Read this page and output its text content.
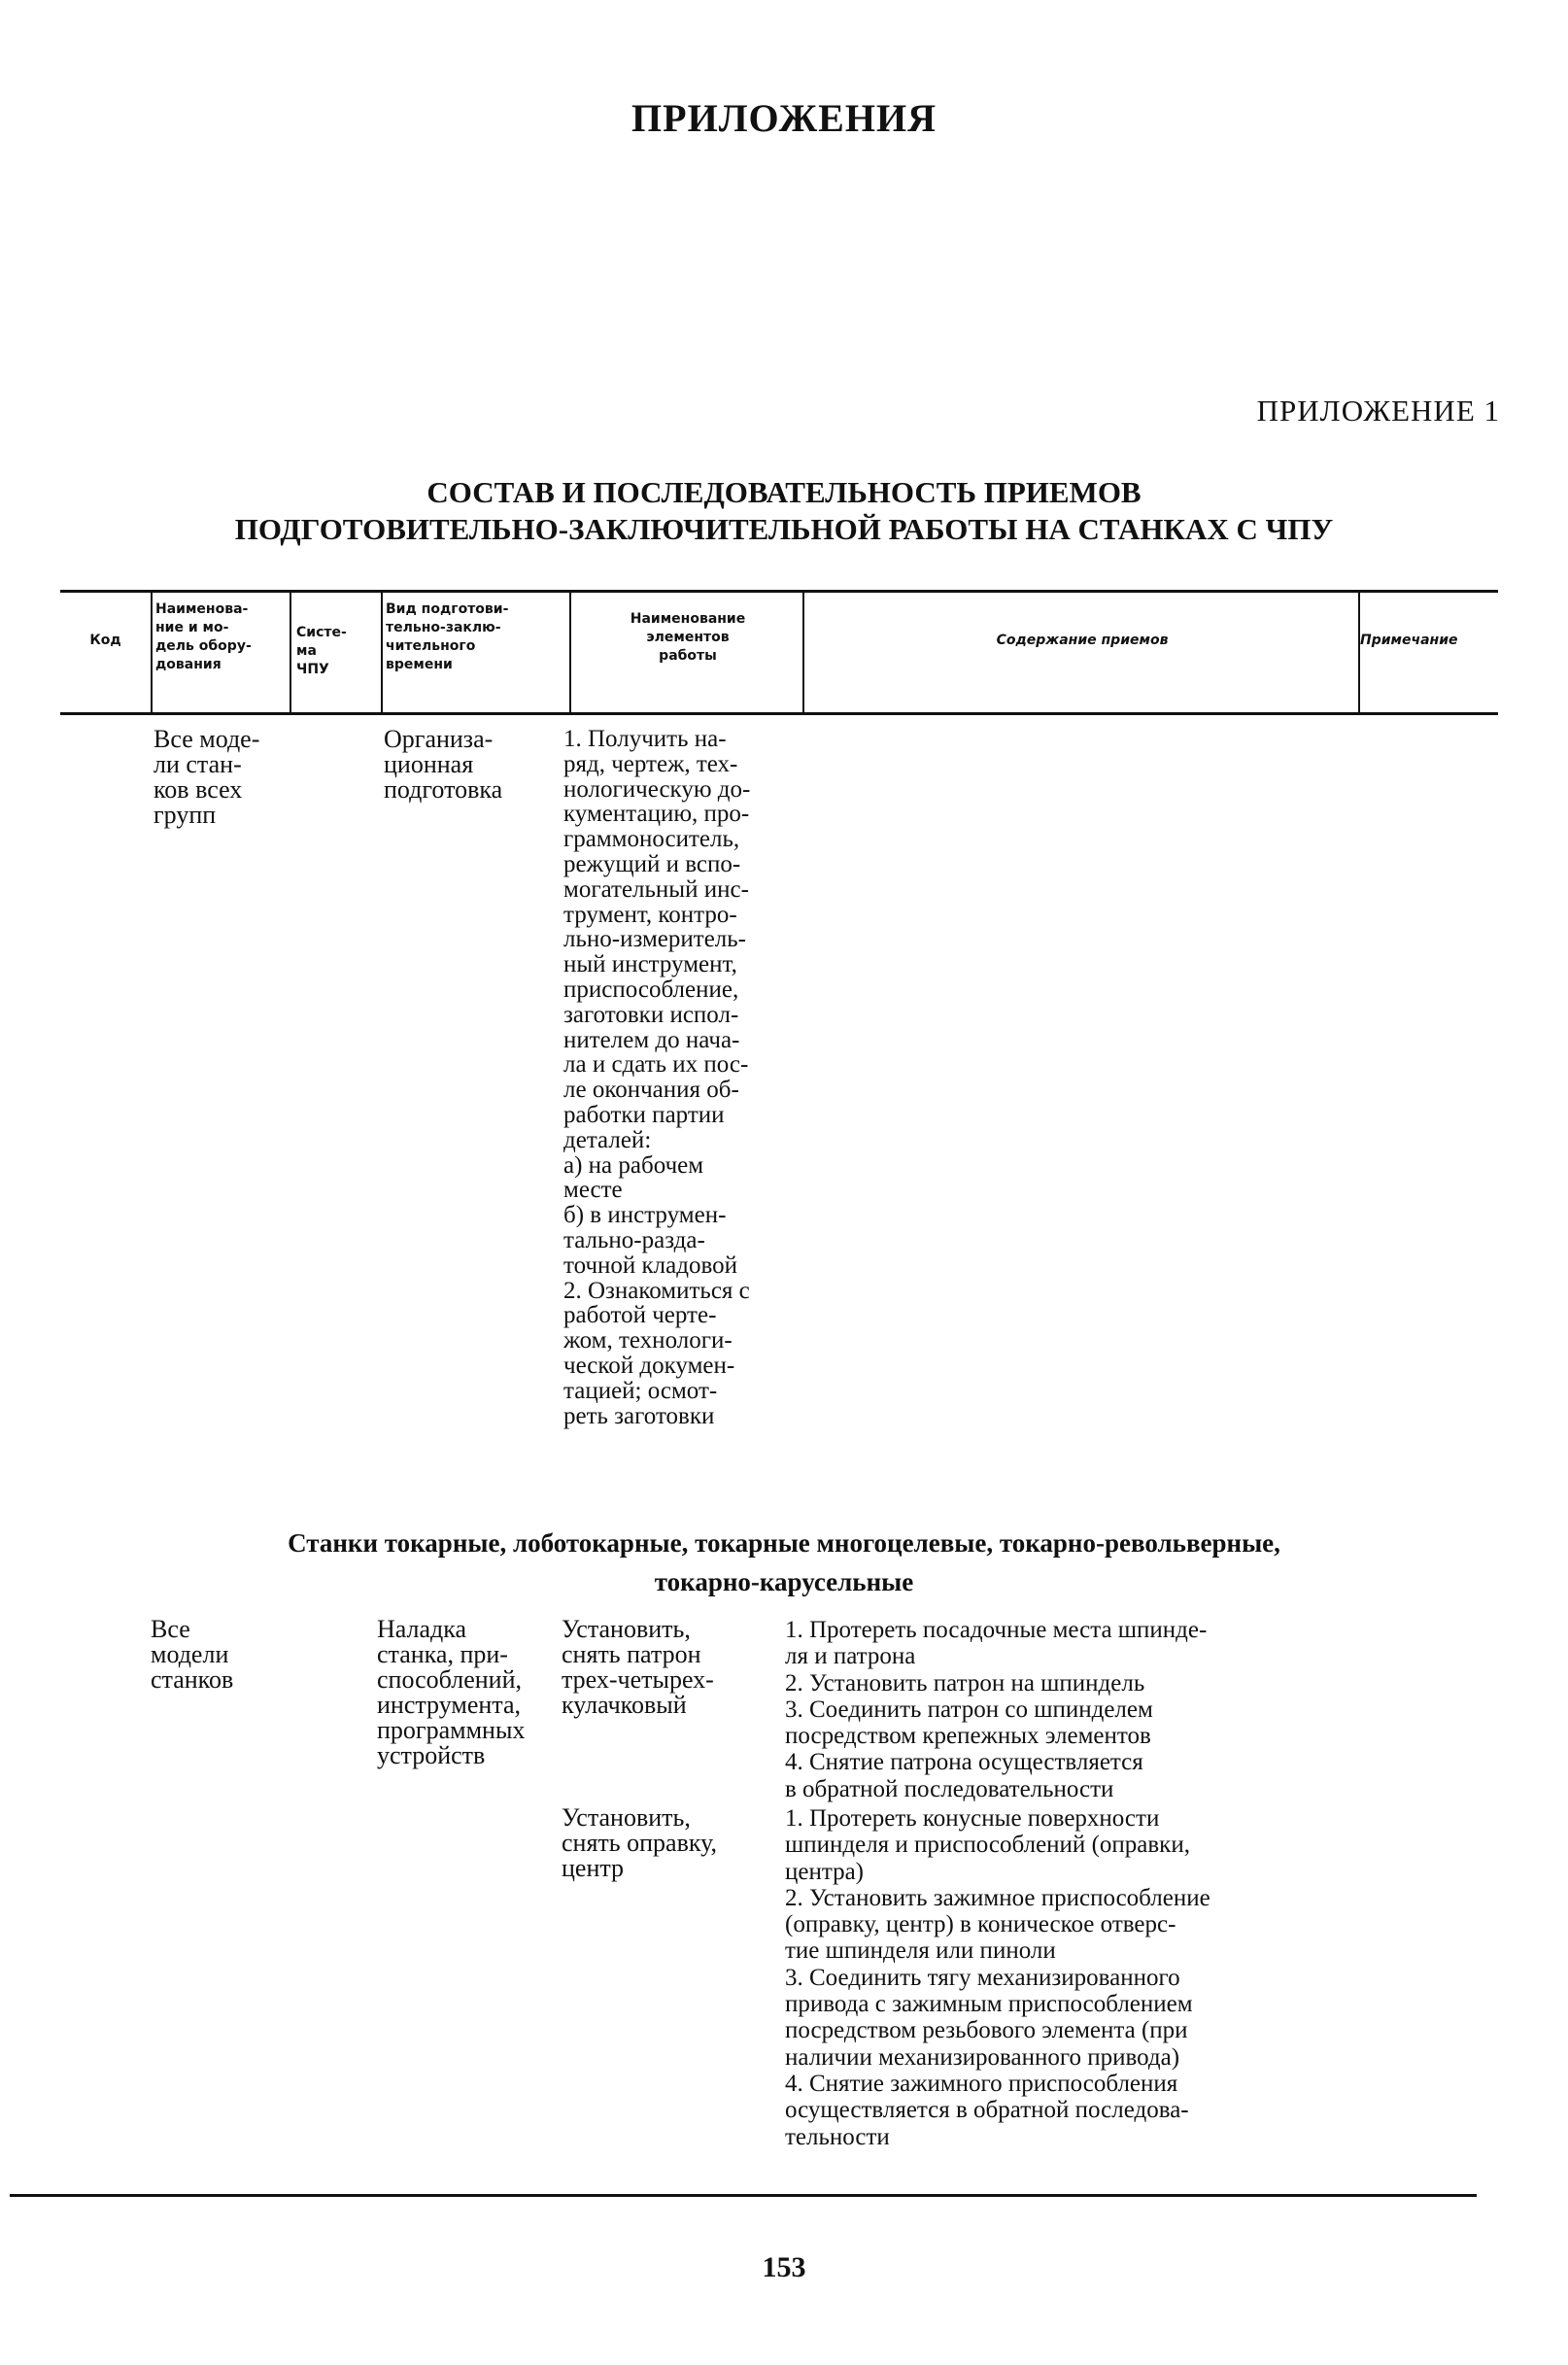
ПРИЛОЖЕНИЯ
ПРИЛОЖЕНИЕ 1
СОСТАВ И ПОСЛЕДОВАТЕЛЬНОСТЬ ПРИЕМОВ
ПОДГОТОВИТЕЛЬНО-ЗАКЛЮЧИТЕЛЬНОЙ РАБОТЫ НА СТАНКАХ С ЧПУ
Код
Наименова-
ние и мо-
дель обору-
дования
Систе-
ма
ЧПУ
Вид подготови-
тельно-заклю-
чительного
времени
Наименование
элементов
работы
Содержание приемов	Примечание
Все моде-
ли стан-
ков всех
групп
Организа-
ционная
подготовка
1. Получить на-
ряд, чертеж, тех-
нологическую до-
кументацию, про-
граммоноситель,
режущий и вспо-
могательный инс-
трумент, контро-
льно-измеритель-
ный инструмент,
приспособление,
заготовки испол-
нителем до нача-
ла и сдать их пос-
ле окончания об-
работки партии
деталей:
а) на рабочем
месте
б) в инструмен-
тально-разда-
точной кладовой
2. Ознакомиться с
работой черте-
жом, технологи-
ческой докумен-
тацией; осмот-
реть заготовки
Станки токарные, лоботокарные, токарные многоцелевые, токарно-револьверные,
токарно-карусельные
Все
модели
станков
Наладка
станка, при-
способлений,
инструмента,
программных
устройств
Установить,
снять патрон
трех-четырех-
кулачковый
1. Протереть посадочные места шпинде-
ля и патрона
2. Установить патрон на шпиндель
3. Соединить патрон со шпинделем
посредством крепежных элементов
4. Снятие патрона осуществляется
в обратной последовательности
Установить,
снять оправку,
центр
1. Протереть конусные поверхности
шпинделя и приспособлений (оправки,
центра)
2. Установить зажимное приспособление
(оправку, центр) в коническое отверс-
тие шпинделя или пиноли
3. Соединить тягу механизированного
привода с зажимным приспособлением
посредством резьбового элемента (при
наличии механизированного привода)
4. Снятие зажимного приспособления
осуществляется в обратной последова-
тельности
153
